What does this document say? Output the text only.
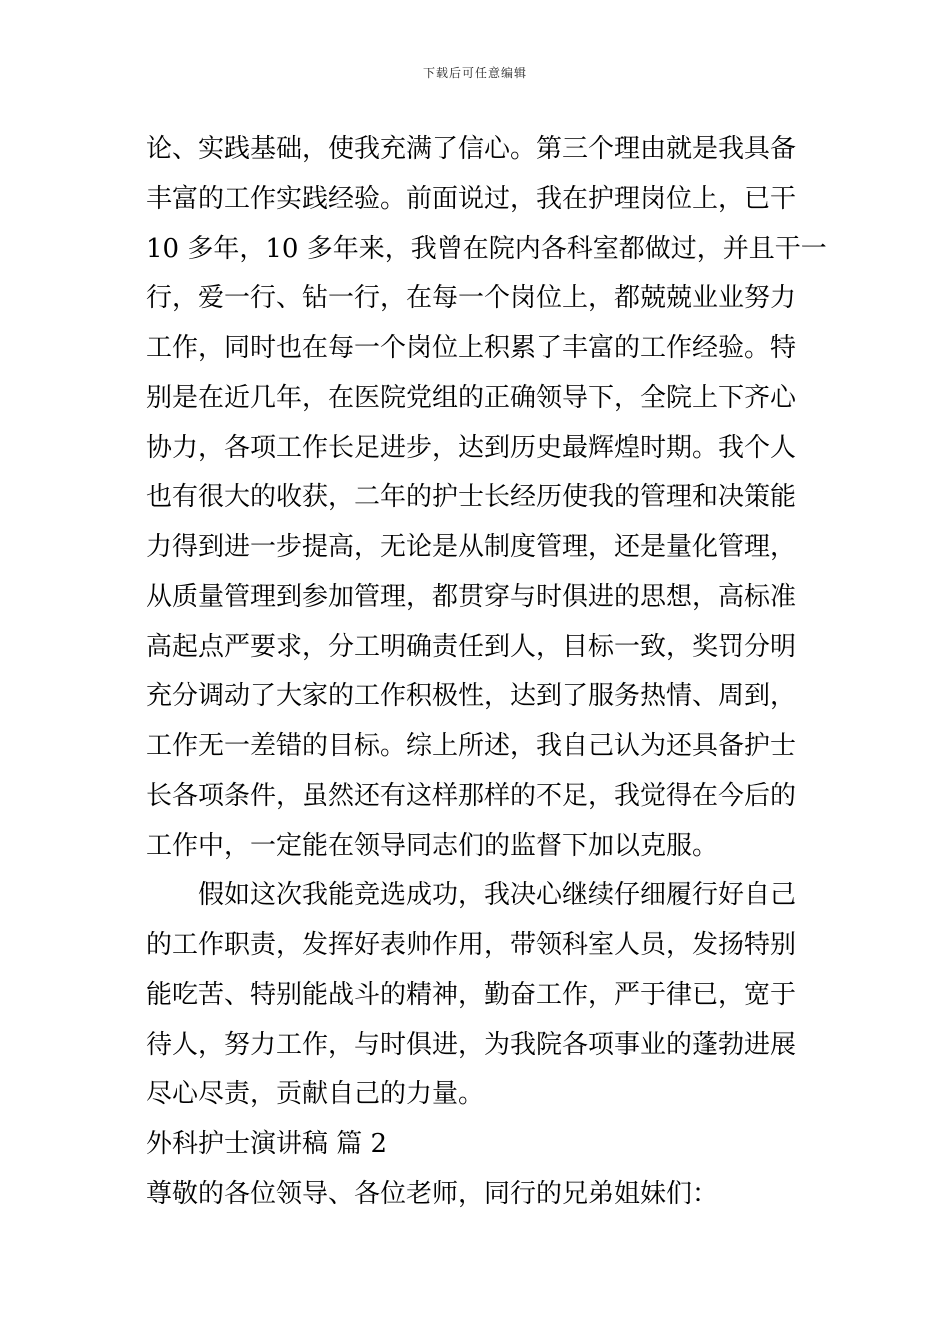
下载后可任意编辑
论、实践基础，使我充满了信心。第三个理由就是我具备
丰富的工作实践经验。前面说过，我在护理岗位上，已干
10 多年，10 多年来，我曾在院内各科室都做过，并且干一
行，爱一行、钻一行，在每一个岗位上，都兢兢业业努力
工作，同时也在每一个岗位上积累了丰富的工作经验。特
别是在近几年，在医院党组的正确领导下，全院上下齐心
协力，各项工作长足进步，达到历史最辉煌时期。我个人
也有很大的收获，二年的护士长经历使我的管理和决策能
力得到进一步提高，无论是从制度管理，还是量化管理，
从质量管理到参加管理，都贯穿与时俱进的思想，高标准
高起点严要求，分工明确责任到人，目标一致，奖罚分明
充分调动了大家的工作积极性，达到了服务热情、周到，
工作无一差错的目标。综上所述，我自己认为还具备护士
长各项条件，虽然还有这样那样的不足，我觉得在今后的
工作中，一定能在领导同志们的监督下加以克服。
假如这次我能竞选成功，我决心继续仔细履行好自己
的工作职责，发挥好表帅作用，带领科室人员，发扬特别
能吃苦、特别能战斗的精神，勤奋工作，严于律已，宽于
待人，努力工作，与时俱进，为我院各项事业的蓬勃进展
尽心尽责，贡献自己的力量。
外科护士演讲稿 篇 2
尊敬的各位领导、各位老师，同行的兄弟姐妹们：
